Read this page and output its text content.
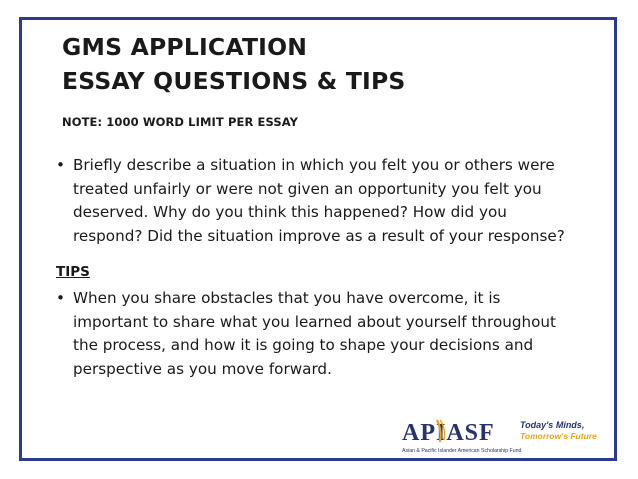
GMS APPLICATION
ESSAY QUESTIONS & TIPS
NOTE: 1000 WORD LIMIT PER ESSAY
• Briefly describe a situation in which you felt you or others were
treated unfairly or were not given an opportunity you felt you
deserved. Why do you think this happened? How did you
respond? Did the situation improve as a result of your response?
TIPS
• When you share obstacles that you have overcome, it is
important to share what you learned about yourself throughout
the process, and how it is going to shape your decisions and
perspective as you move forward.
APIASF	Today's Minds,
Tomorrow's Future
Asian & Pacific Islander American Scholarship Fund
